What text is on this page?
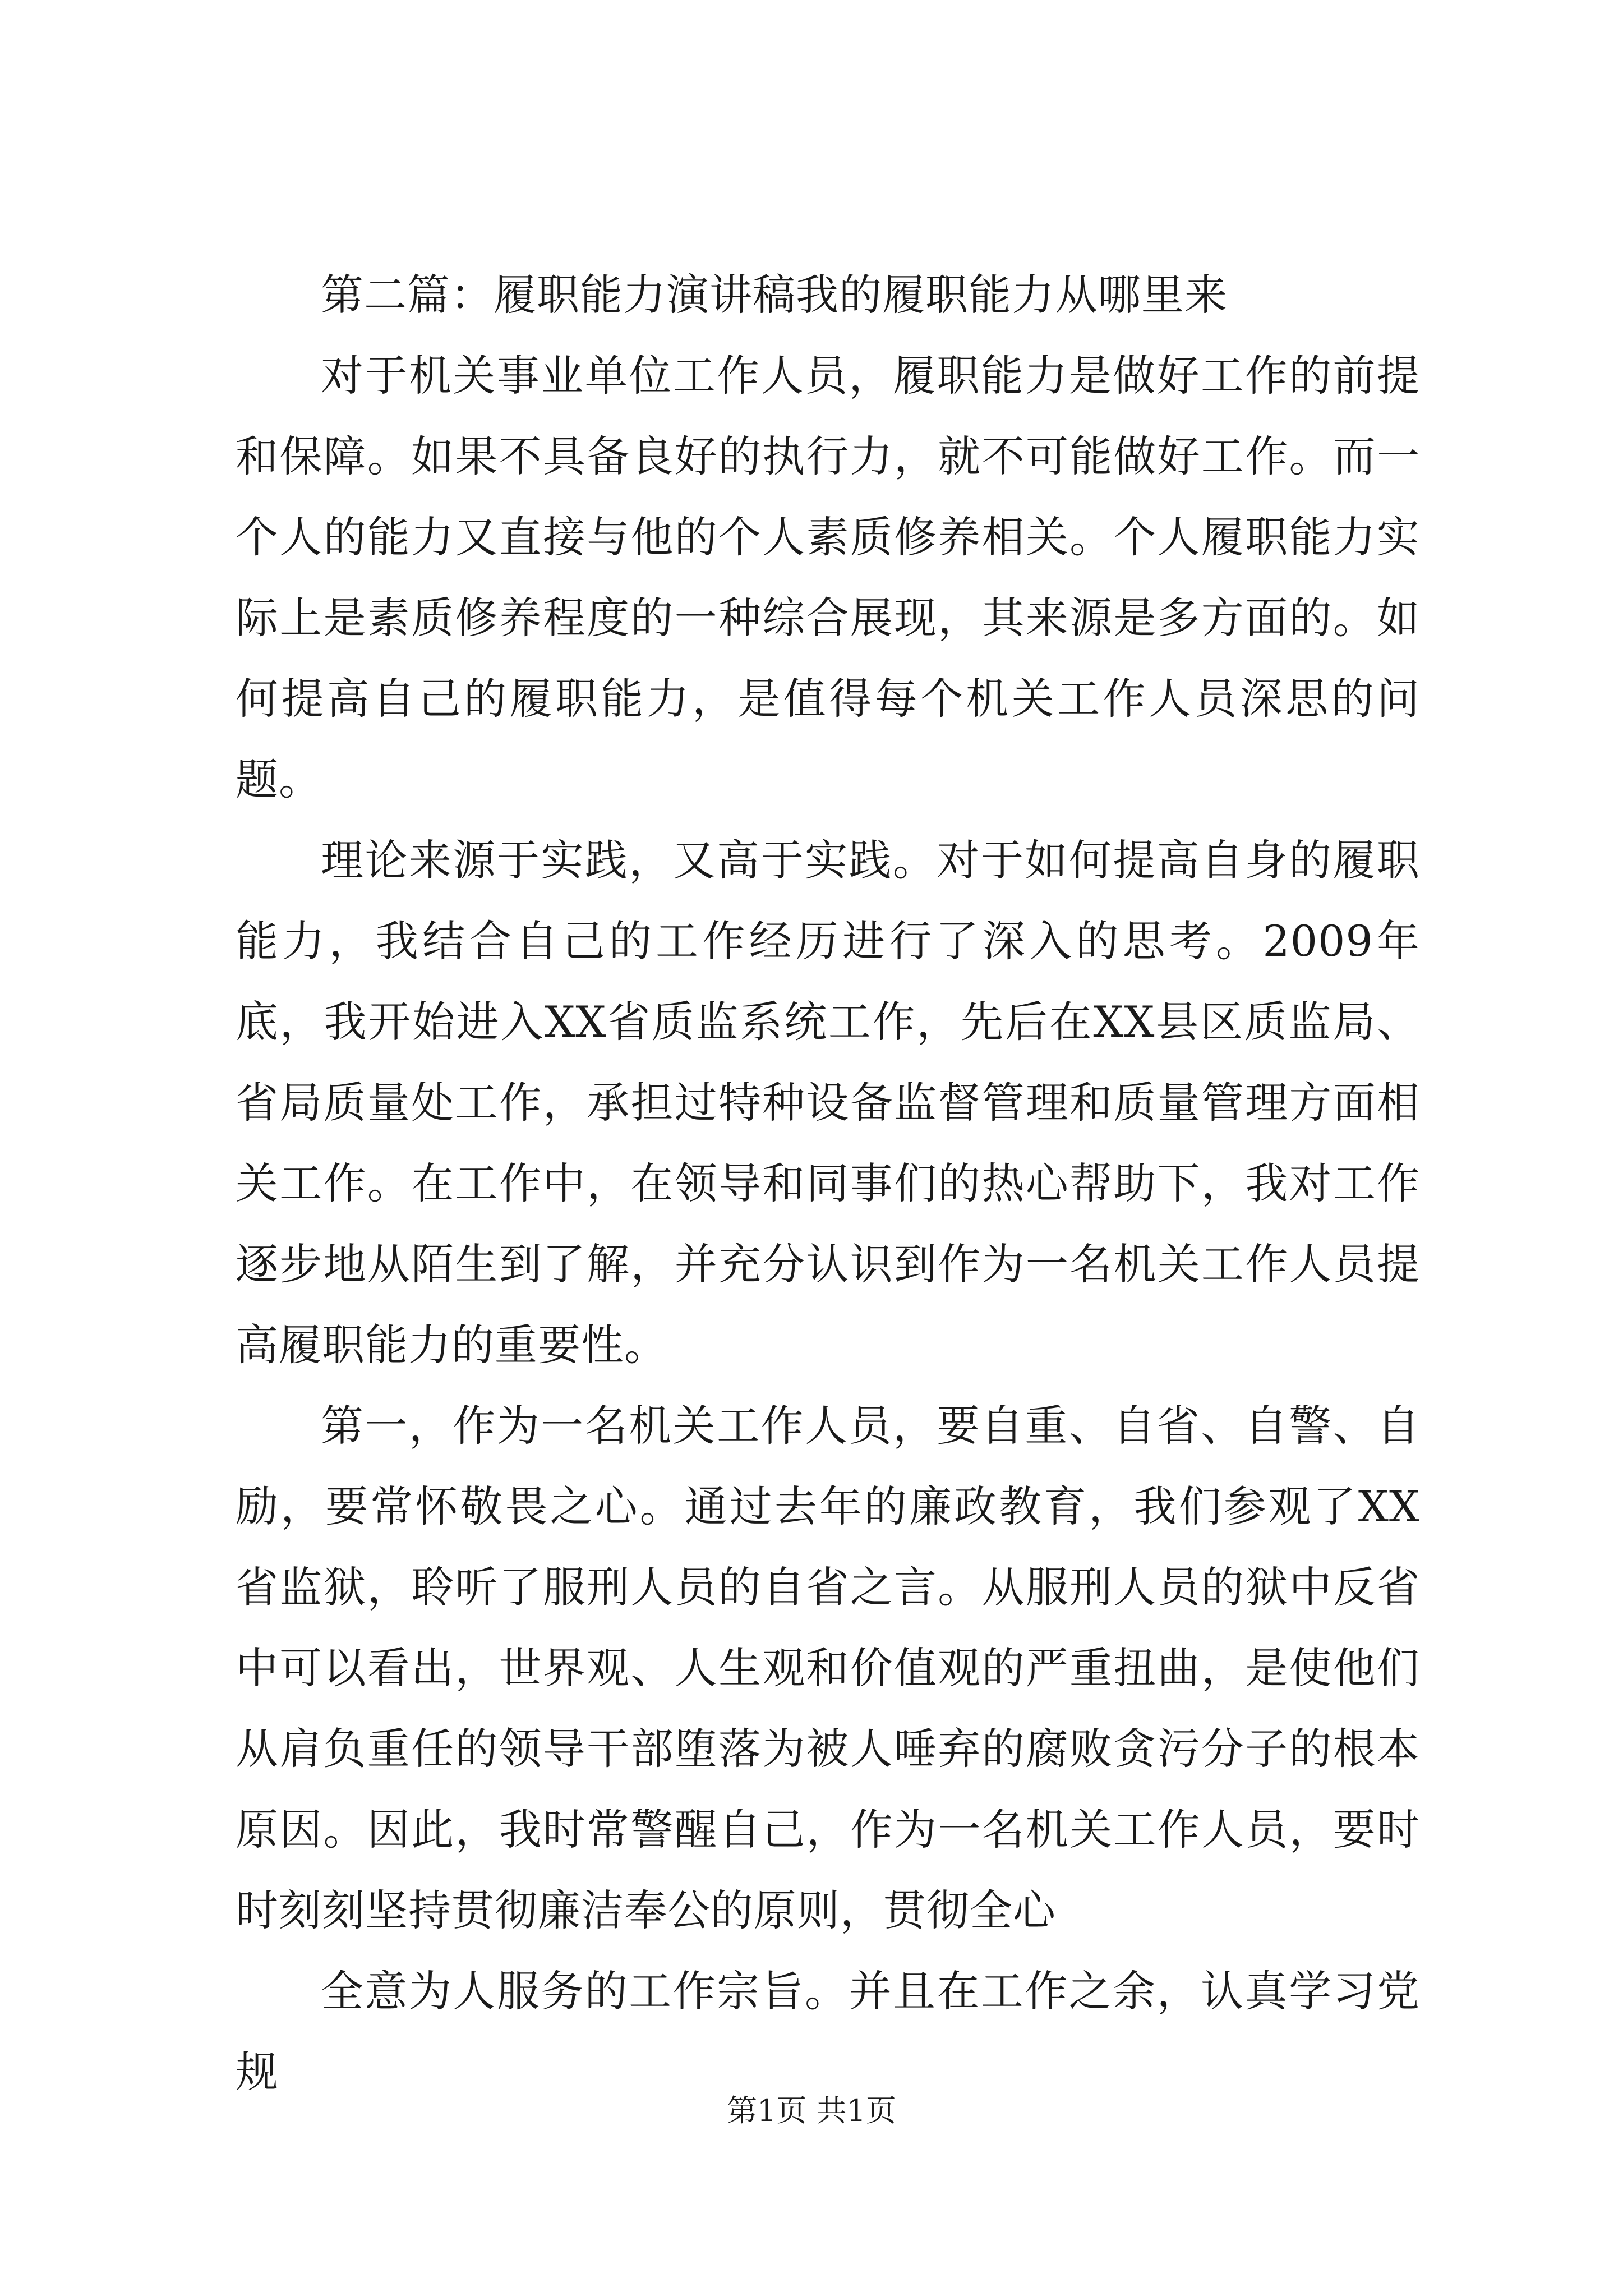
第二篇：履职能力演讲稿我的履职能力从哪里来

对于机关事业单位工作人员，履职能力是做好工作的前提和保障。如果不具备良好的执行力，就不可能做好工作。而一个人的能力又直接与他的个人素质修养相关。个人履职能力实际上是素质修养程度的一种综合展现，其来源是多方面的。如何提高自己的履职能力，是值得每个机关工作人员深思的问题。

理论来源于实践，又高于实践。对于如何提高自身的履职能力，我结合自己的工作经历进行了深入的思考。2009年底，我开始进入XX省质监系统工作，先后在XX县区质监局、省局质量处工作，承担过特种设备监督管理和质量管理方面相关工作。在工作中，在领导和同事们的热心帮助下，我对工作逐步地从陌生到了解，并充分认识到作为一名机关工作人员提高履职能力的重要性。

第一，作为一名机关工作人员，要自重、自省、自警、自励，要常怀敬畏之心。通过去年的廉政教育，我们参观了XX省监狱，聆听了服刑人员的自省之言。从服刑人员的狱中反省中可以看出，世界观、人生观和价值观的严重扭曲，是使他们从肩负重任的领导干部堕落为被人唾弃的腐败贪污分子的根本原因。因此，我时常警醒自己，作为一名机关工作人员，要时时刻刻坚持贯彻廉洁奉公的原则，贯彻全心

全意为人服务的工作宗旨。并且在工作之余，认真学习党规

第1页 共1页
